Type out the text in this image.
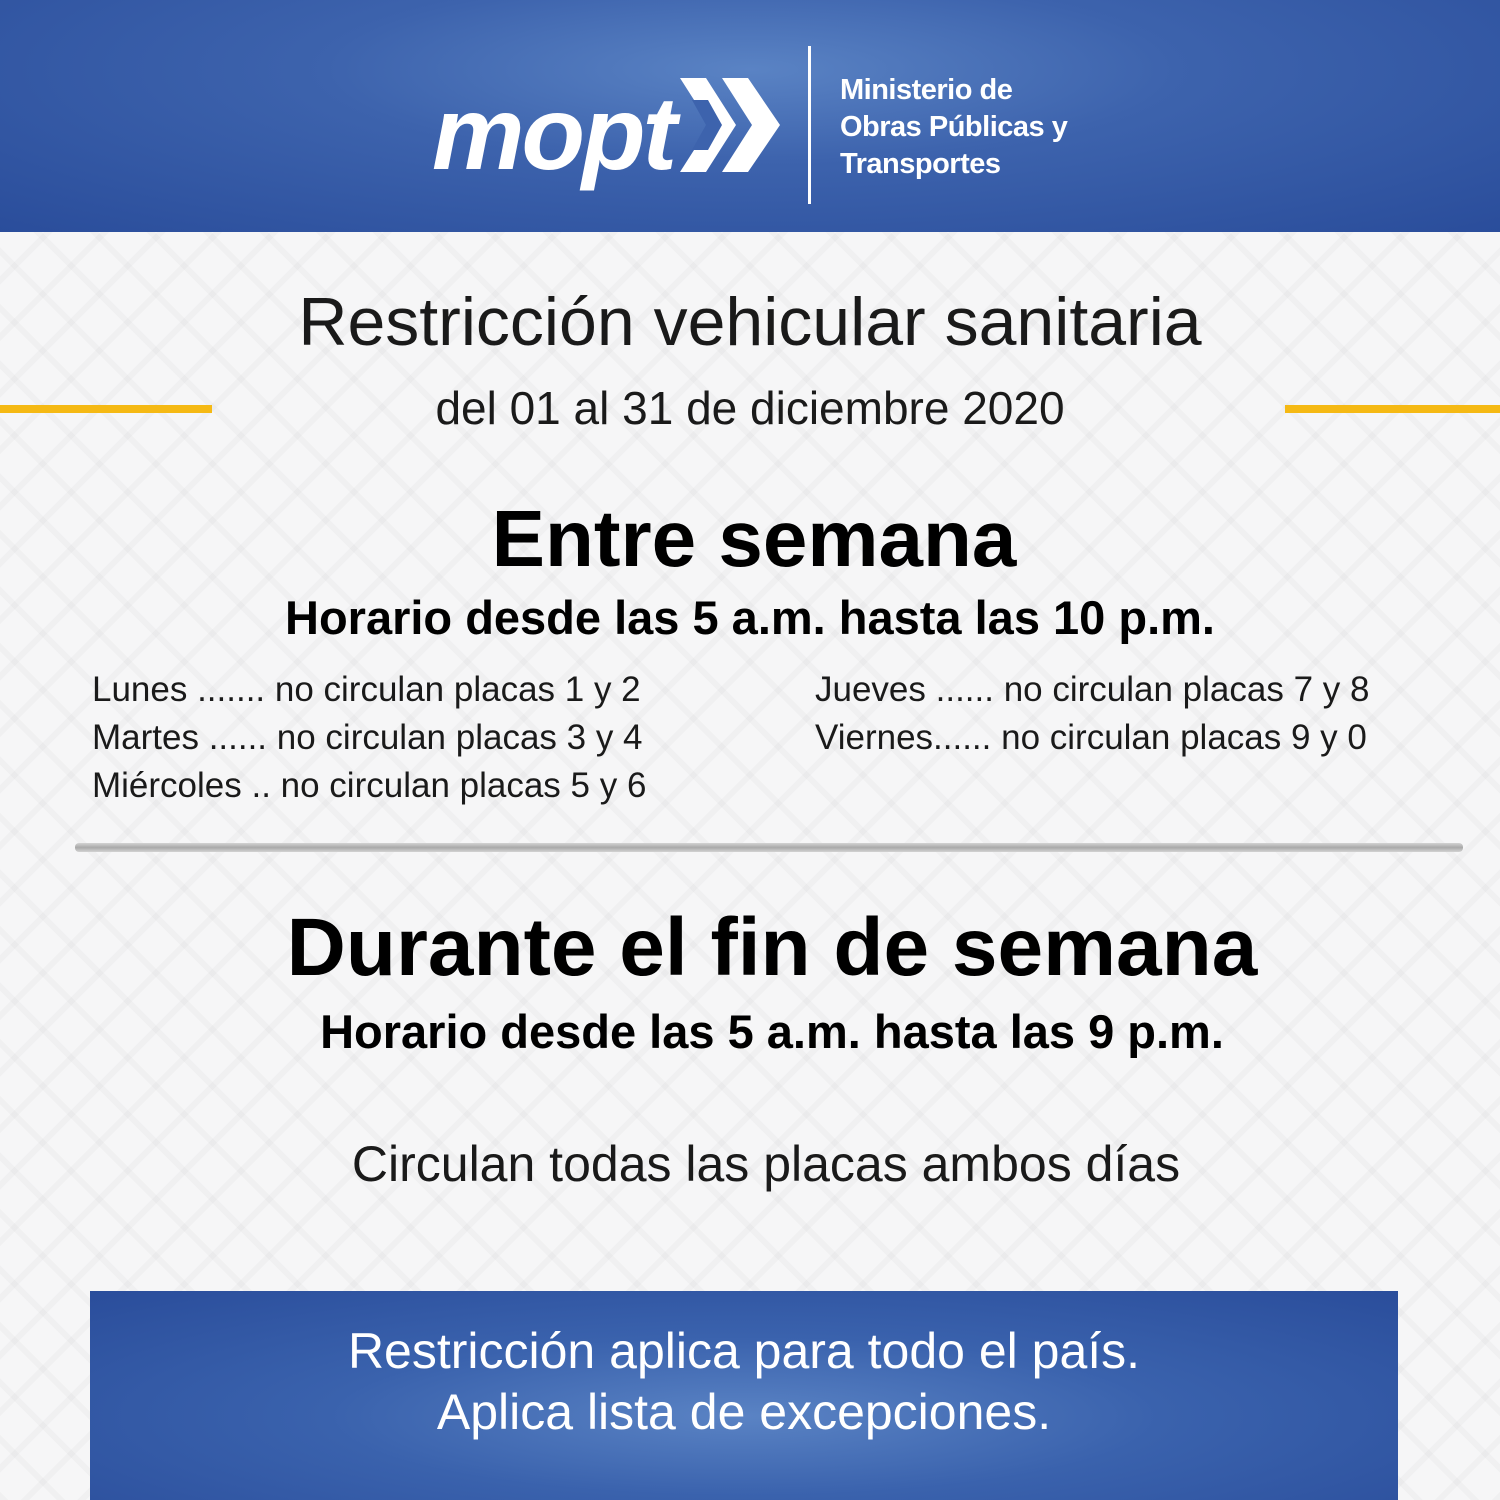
mopt	Ministerio de
Obras Públicas y
Transportes
Restricción vehicular sanitaria
del 01 al 31 de diciembre 2020
Entre semana
Horario desde las 5 a.m. hasta las 10 p.m.
Lunes ....... no circulan placas 1 y 2
Martes ...... no circulan placas 3 y 4
Miércoles .. no circulan placas 5 y 6
Jueves ...... no circulan placas 7 y 8
Viernes...... no circulan placas 9 y 0
Durante el fin de semana
Horario desde las 5 a.m. hasta las 9 p.m.
Circulan todas las placas ambos días
Restricción aplica para todo el país.
Aplica lista de excepciones.
